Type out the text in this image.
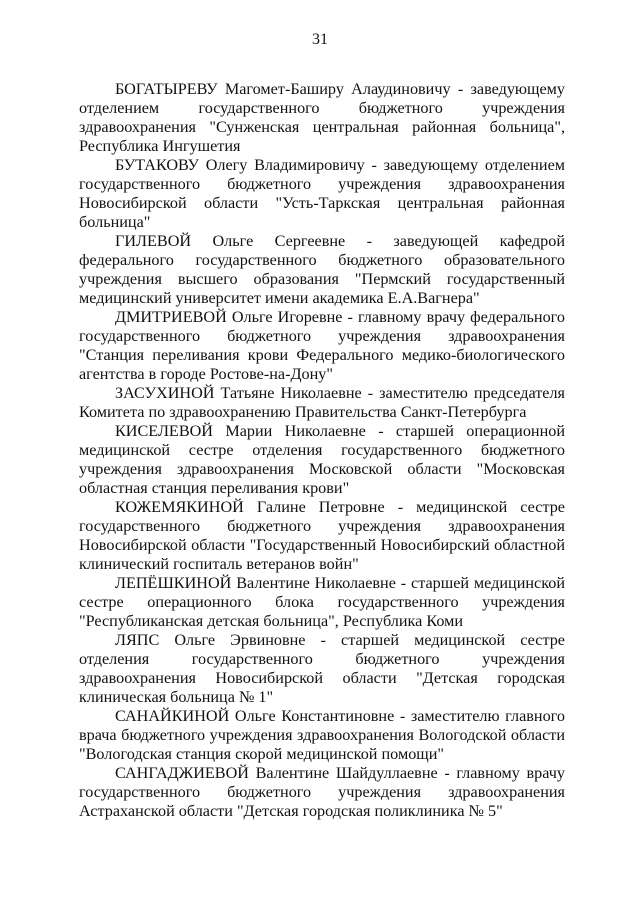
31

БОГАТЫРЕВУ Магомет-Баширу Алаудиновичу - заведующему отделением государственного бюджетного учреждения здравоохранения "Сунженская центральная районная больница", Республика Ингушетия

БУТАКОВУ Олегу Владимировичу - заведующему отделением государственного бюджетного учреждения здравоохранения Новосибирской области "Усть-Таркская центральная районная больница"

ГИЛЕВОЙ Ольге Сергеевне - заведующей кафедрой федерального государственного бюджетного образовательного учреждения высшего образования "Пермский государственный медицинский университет имени академика Е.А.Вагнера"

ДМИТРИЕВОЙ Ольге Игоревне - главному врачу федерального государственного бюджетного учреждения здравоохранения "Станция переливания крови Федерального медико-биологического агентства в городе Ростове-на-Дону"

ЗАСУХИНОЙ Татьяне Николаевне - заместителю председателя Комитета по здравоохранению Правительства Санкт-Петербурга

КИСЕЛЕВОЙ Марии Николаевне - старшей операционной медицинской сестре отделения государственного бюджетного учреждения здравоохранения Московской области "Московская областная станция переливания крови"

КОЖЕМЯКИНОЙ Галине Петровне - медицинской сестре государственного бюджетного учреждения здравоохранения Новосибирской области "Государственный Новосибирский областной клинический госпиталь ветеранов войн"

ЛЕПЁШКИНОЙ Валентине Николаевне - старшей медицинской сестре операционного блока государственного учреждения "Республиканская детская больница", Республика Коми

ЛЯПС Ольге Эрвиновне - старшей медицинской сестре отделения государственного бюджетного учреждения здравоохранения Новосибирской области "Детская городская клиническая больница № 1"

САНАЙКИНОЙ Ольге Константиновне - заместителю главного врача бюджетного учреждения здравоохранения Вологодской области "Вологодская станция скорой медицинской помощи"

САНГАДЖИЕВОЙ Валентине Шайдуллаевне - главному врачу государственного бюджетного учреждения здравоохранения Астраханской области "Детская городская поликлиника № 5"
